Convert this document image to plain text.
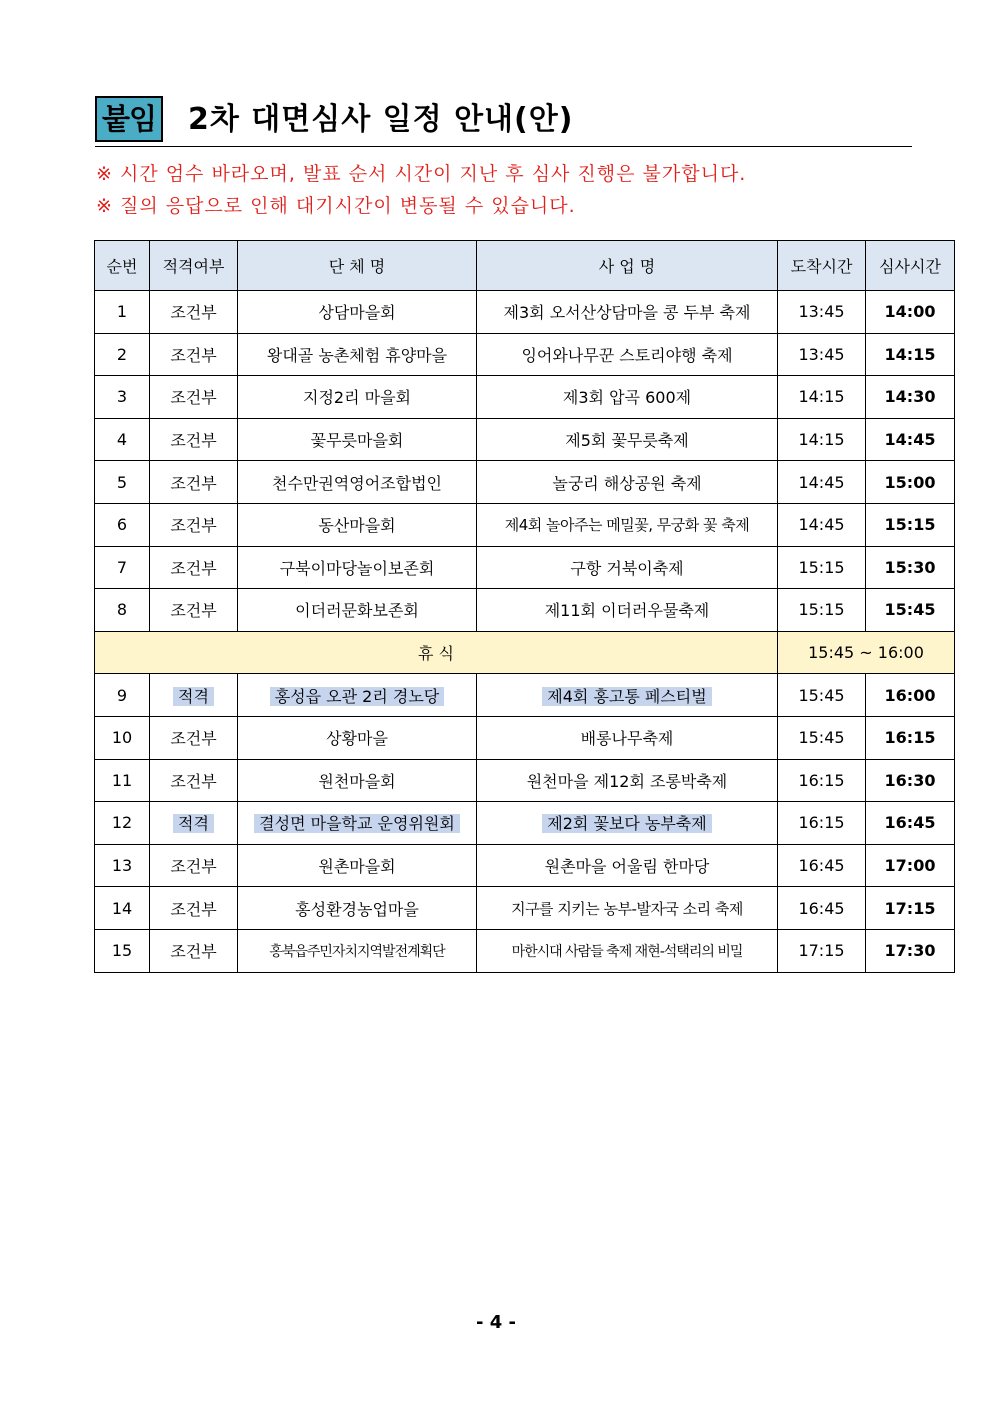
붙임 2차 대면심사 일정 안내(안)
※ 시간 엄수 바라오며, 발표 순서 시간이 지난 후 심사 진행은 불가합니다.
※ 질의 응답으로 인해 대기시간이 변동될 수 있습니다.
순번	적격여부	단 체 명	사 업 명	도착시간	심사시간
1	조건부	상담마을회	제3회 오서산상담마을 콩 두부 축제	13:45	14:00
2	조건부	왕대골 농촌체험 휴양마을	잉어와나무꾼 스토리야행 축제	13:45	14:15
3	조건부	지정2리 마을회	제3회 압곡 600제	14:15	14:30
4	조건부	꽃무릇마을회	제5회 꽃무릇축제	14:15	14:45
5	조건부	천수만권역영어조합법인	놀궁리 해상공원 축제	14:45	15:00
6	조건부	동산마을회	제4회 놀아주는 메밀꽃, 무궁화 꽃 축제	14:45	15:15
7	조건부	구북이마당놀이보존회	구항 거북이축제	15:15	15:30
8	조건부	이더러문화보존회	제11회 이더러우물축제	15:15	15:45
휴 식				15:45 ~ 16:00	
9	적격	홍성읍 오관 2리 경노당	제4회 홍고통 페스티벌	15:45	16:00
10	조건부	상황마을	배롱나무축제	15:45	16:15
11	조건부	원천마을회	원천마을 제12회 조롱박축제	16:15	16:30
12	적격	결성면 마을학교 운영위원회	제2회 꽃보다 농부축제	16:15	16:45
13	조건부	원촌마을회	원촌마을 어울림 한마당	16:45	17:00
14	조건부	홍성환경농업마을	지구를 지키는 농부-발자국 소리 축제	16:45	17:15
15	조건부	홍북읍주민자치지역발전계획단	마한시대 사람들 축제 재현-석택리의 비밀	17:15	17:30
- 4 -
